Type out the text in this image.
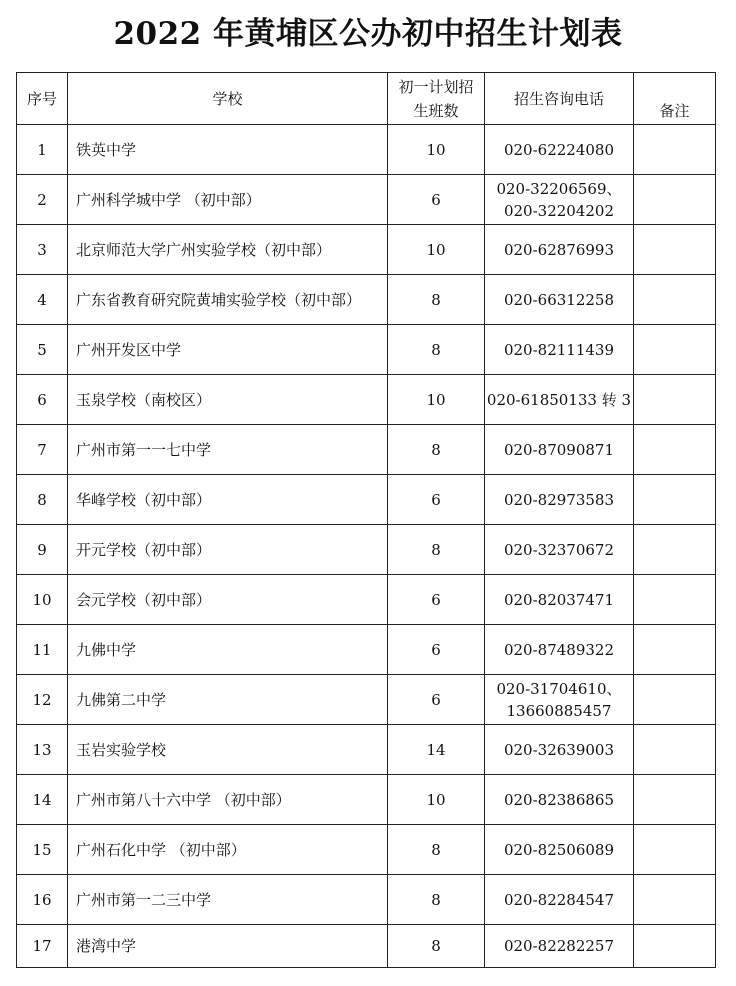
2022 年黄埔区公办初中招生计划表
序号	学校	初一计划招生班数	招生咨询电话	备注
1	铁英中学	10	020-62224080	
2	广州科学城中学 （初中部）	6	020-32206569、020-32204202	
3	北京师范大学广州实验学校（初中部）	10	020-62876993	
4	广东省教育研究院黄埔实验学校（初中部）	8	020-66312258	
5	广州开发区中学	8	020-82111439	
6	玉泉学校（南校区）	10	020-61850133 转 3	
7	广州市第一一七中学	8	020-87090871	
8	华峰学校（初中部）	6	020-82973583	
9	开元学校（初中部）	8	020-32370672	
10	会元学校（初中部）	6	020-82037471	
11	九佛中学	6	020-87489322	
12	九佛第二中学	6	020-31704610、13660885457	
13	玉岩实验学校	14	020-32639003	
14	广州市第八十六中学 （初中部）	10	020-82386865	
15	广州石化中学 （初中部）	8	020-82506089	
16	广州市第一二三中学	8	020-82284547	
17	港湾中学	8	020-82282257	
